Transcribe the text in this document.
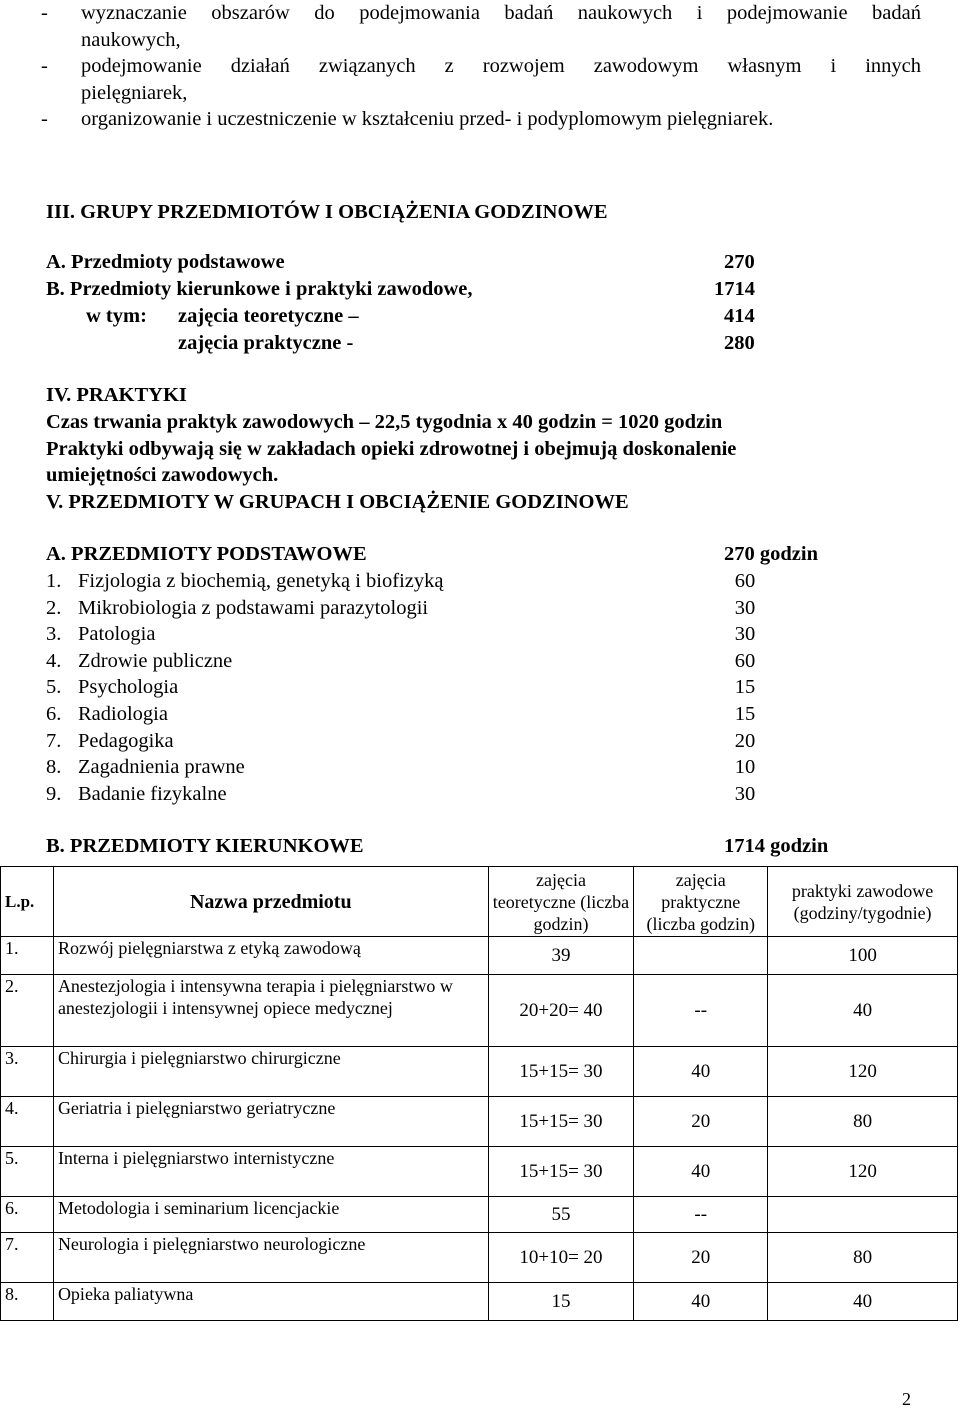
-	wyznaczanie obszarów do podejmowania badań naukowych i podejmowanie badań
naukowych,
-	podejmowanie działań związanych z rozwojem zawodowym własnym i innych
pielęgniarek,
-	organizowanie i uczestniczenie w kształceniu przed- i podyplomowym pielęgniarek.
III. GRUPY PRZEDMIOTÓW I OBCIĄŻENIA GODZINOWE
A. Przedmioty podstawowe	270
B. Przedmioty kierunkowe i praktyki zawodowe,	1714
w tym: zajęcia teoretyczne –	414
zajęcia praktyczne -	280
IV. PRAKTYKI
Czas trwania praktyk zawodowych – 22,5 tygodnia x 40 godzin = 1020 godzin
Praktyki odbywają się w zakładach opieki zdrowotnej i obejmują doskonalenie
umiejętności zawodowych.
V. PRZEDMIOTY W GRUPACH I OBCIĄŻENIE GODZINOWE
A. PRZEDMIOTY PODSTAWOWE	270 godzin
1. Fizjologia z biochemią, genetyką i biofizyką	60
2. Mikrobiologia z podstawami parazytologii	30
3. Patologia	30
4. Zdrowie publiczne	60
5. Psychologia	15
6. Radiologia	15
7. Pedagogika	20
8. Zagadnienia prawne	10
9. Badanie fizykalne	30
B. PRZEDMIOTY KIERUNKOWE	1714 godzin
L.p.	Nazwa przedmiotu	zajęcia teoretyczne (liczba godzin)	zajęcia praktyczne (liczba godzin)	praktyki zawodowe (godziny/tygodnie)
1.	Rozwój pielęgniarstwa z etyką zawodową	39		100
2.	Anestezjologia i intensywna terapia i pielęgniarstwo w anestezjologii i intensywnej opiece medycznej	20+20= 40	--	40
3.	Chirurgia i pielęgniarstwo chirurgiczne	15+15= 30	40	120
4.	Geriatria i pielęgniarstwo geriatryczne	15+15= 30	20	80
5.	Interna i pielęgniarstwo internistyczne	15+15= 30	40	120
6.	Metodologia i seminarium licencjackie	55	--	
7.	Neurologia i pielęgniarstwo neurologiczne	10+10= 20	20	80
8.	Opieka paliatywna	15	40	40
2
